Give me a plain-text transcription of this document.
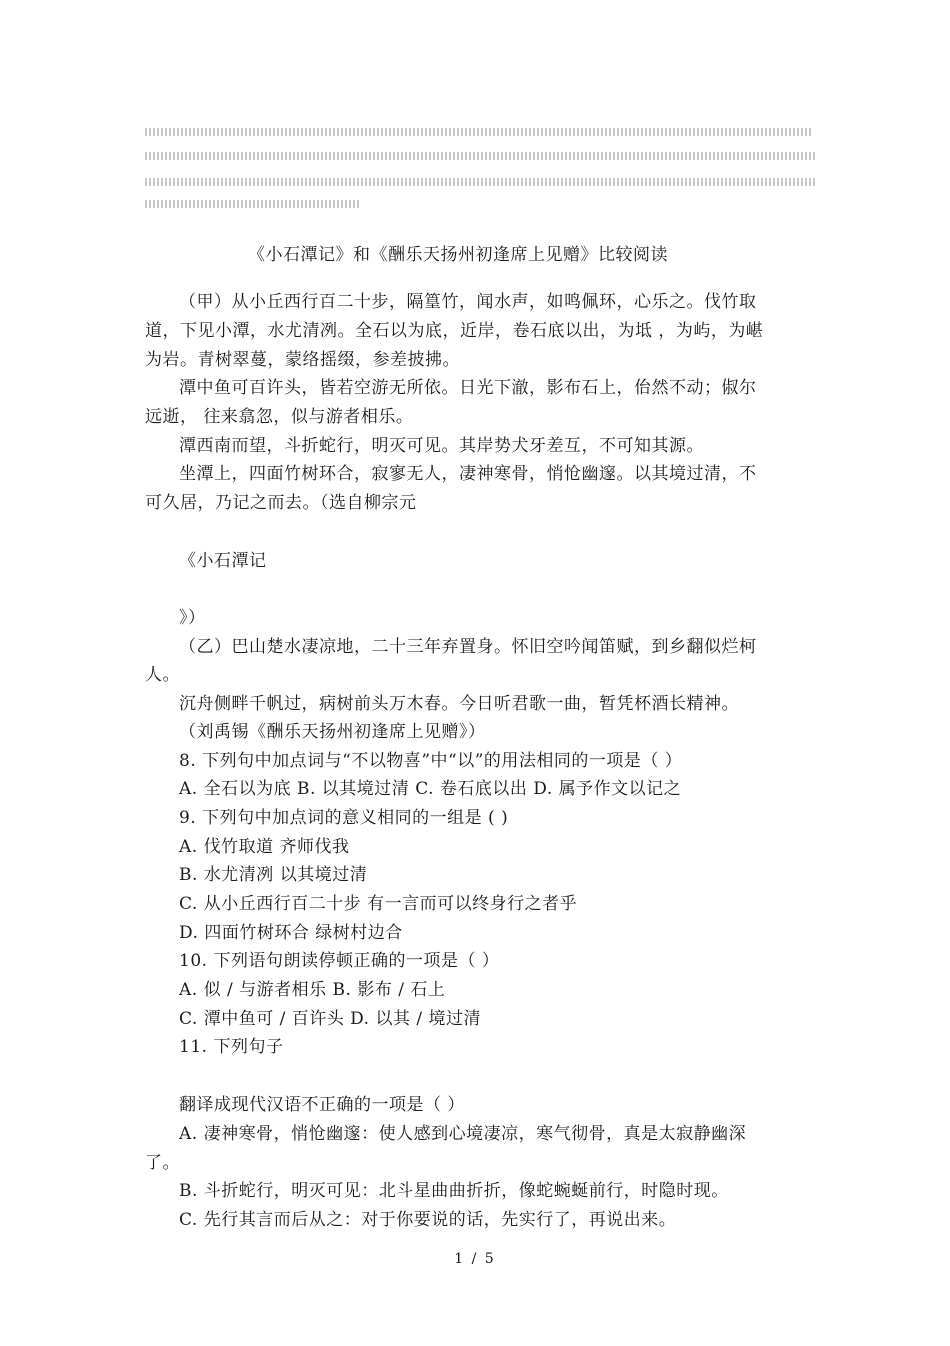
《小石潭记》和《酬乐天扬州初逢席上见赠》比较阅读
（甲）从小丘西行百二十步，隔篁竹，闻水声，如鸣佩环，心乐之。伐竹取
道，下见小潭，水尤清冽。全石以为底，近岸，卷石底以出，为坻 ，为屿，为嵁
为岩。青树翠蔓，蒙络摇缀，参差披拂。
潭中鱼可百许头，皆若空游无所依。日光下澈，影布石上，佁然不动；俶尔
远逝， 往来翕忽，似与游者相乐。
潭西南而望，斗折蛇行，明灭可见。其岸势犬牙差互，不可知其源。
坐潭上，四面竹树环合，寂寥无人，凄神寒骨，悄怆幽邃。以其境过清，不
可久居，乃记之而去。（选自柳宗元
《小石潭记
》）
（乙）巴山楚水凄凉地，二十三年弃置身。怀旧空吟闻笛赋，到乡翻似烂柯
人。
沉舟侧畔千帆过，病树前头万木春。今日听君歌一曲，暂凭杯酒长精神。
（刘禹锡《酬乐天扬州初逢席上见赠》）
8. 下列句中加点词与“不以物喜”中“以”的用法相同的一项是（ ）
A. 全石以为底 B. 以其境过清 C. 卷石底以出 D. 属予作文以记之
9. 下列句中加点词的意义相同的一组是 ( )
A. 伐竹取道 齐师伐我
B. 水尤清冽 以其境过清
C. 从小丘西行百二十步 有一言而可以终身行之者乎
D. 四面竹树环合 绿树村边合
10. 下列语句朗读停顿正确的一项是（ ）
A. 似 / 与游者相乐 B. 影布 / 石上
C. 潭中鱼可 / 百许头 D. 以其 / 境过清
11. 下列句子
翻译成现代汉语不正确的一项是（ ）
A. 凄神寒骨，悄怆幽邃：使人感到心境凄凉，寒气彻骨，真是太寂静幽深
了。
B. 斗折蛇行，明灭可见：北斗星曲曲折折，像蛇蜿蜒前行，时隐时现。
C. 先行其言而后从之：对于你要说的话，先实行了，再说出来。
1 / 5
